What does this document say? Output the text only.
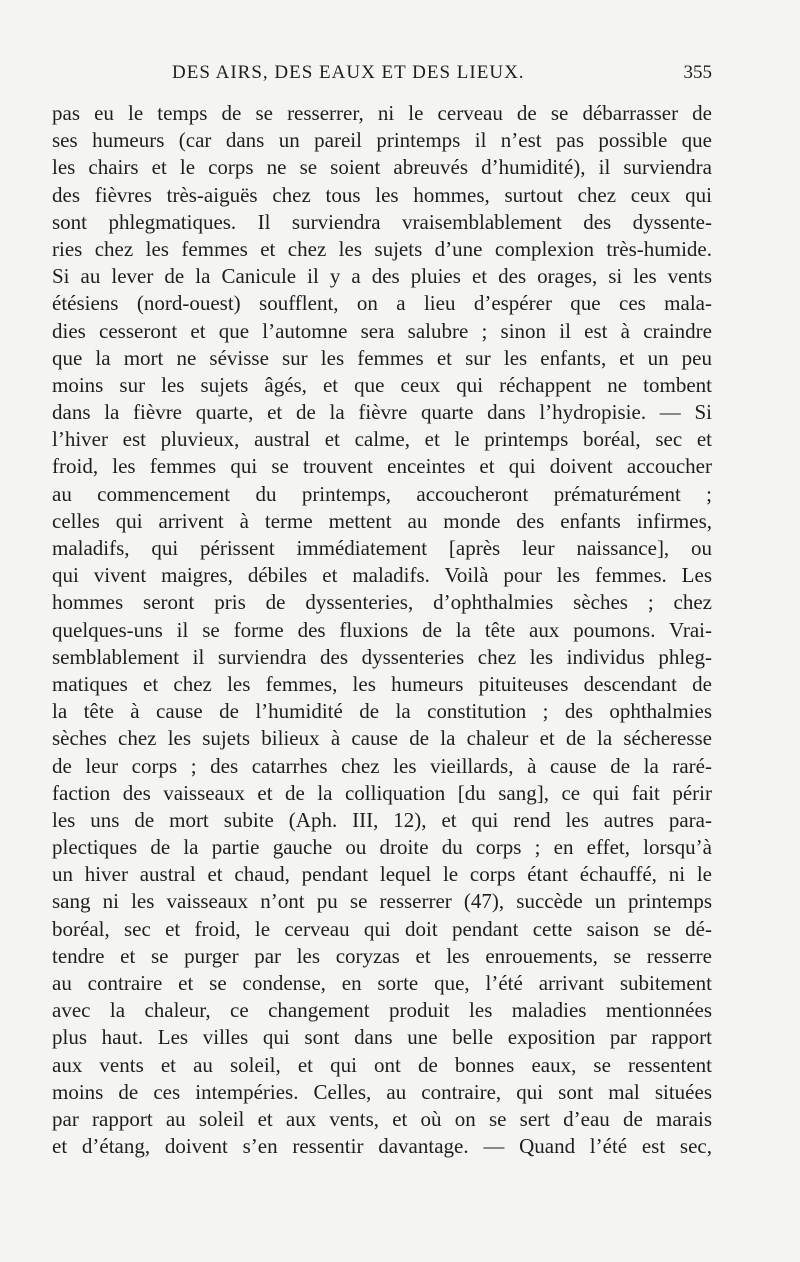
DES AIRS, DES EAUX ET DES LIEUX.	355
pas eu le temps de se resserrer, ni le cerveau de se débarrasser de
ses humeurs (car dans un pareil printemps il n’est pas possible que
les chairs et le corps ne se soient abreuvés d’humidité), il surviendra
des fièvres très-aiguës chez tous les hommes, surtout chez ceux qui
sont phlegmatiques. Il surviendra vraisemblablement des dyssente-
ries chez les femmes et chez les sujets d’une complexion très-humide.
Si au lever de la Canicule il y a des pluies et des orages, si les vents
étésiens (nord-ouest) soufflent, on a lieu d’espérer que ces mala-
dies cesseront et que l’automne sera salubre ; sinon il est à craindre
que la mort ne sévisse sur les femmes et sur les enfants, et un peu
moins sur les sujets âgés, et que ceux qui réchappent ne tombent
dans la fièvre quarte, et de la fièvre quarte dans l’hydropisie. — Si
l’hiver est pluvieux, austral et calme, et le printemps boréal, sec et
froid, les femmes qui se trouvent enceintes et qui doivent accoucher
au commencement du printemps, accoucheront prématurément ;
celles qui arrivent à terme mettent au monde des enfants infirmes,
maladifs, qui périssent immédiatement [après leur naissance], ou
qui vivent maigres, débiles et maladifs. Voilà pour les femmes. Les
hommes seront pris de dyssenteries, d’ophthalmies sèches ; chez
quelques-uns il se forme des fluxions de la tête aux poumons. Vrai-
semblablement il surviendra des dyssenteries chez les individus phleg-
matiques et chez les femmes, les humeurs pituiteuses descendant de
la tête à cause de l’humidité de la constitution ; des ophthalmies
sèches chez les sujets bilieux à cause de la chaleur et de la sécheresse
de leur corps ; des catarrhes chez les vieillards, à cause de la raré-
faction des vaisseaux et de la colliquation [du sang], ce qui fait périr
les uns de mort subite (Aph. III, 12), et qui rend les autres para-
plectiques de la partie gauche ou droite du corps ; en effet, lorsqu’à
un hiver austral et chaud, pendant lequel le corps étant échauffé, ni le
sang ni les vaisseaux n’ont pu se resserrer (47), succède un printemps
boréal, sec et froid, le cerveau qui doit pendant cette saison se dé-
tendre et se purger par les coryzas et les enrouements, se resserre
au contraire et se condense, en sorte que, l’été arrivant subitement
avec la chaleur, ce changement produit les maladies mentionnées
plus haut. Les villes qui sont dans une belle exposition par rapport
aux vents et au soleil, et qui ont de bonnes eaux, se ressentent
moins de ces intempéries. Celles, au contraire, qui sont mal situées
par rapport au soleil et aux vents, et où on se sert d’eau de marais
et d’étang, doivent s’en ressentir davantage. — Quand l’été est sec,
